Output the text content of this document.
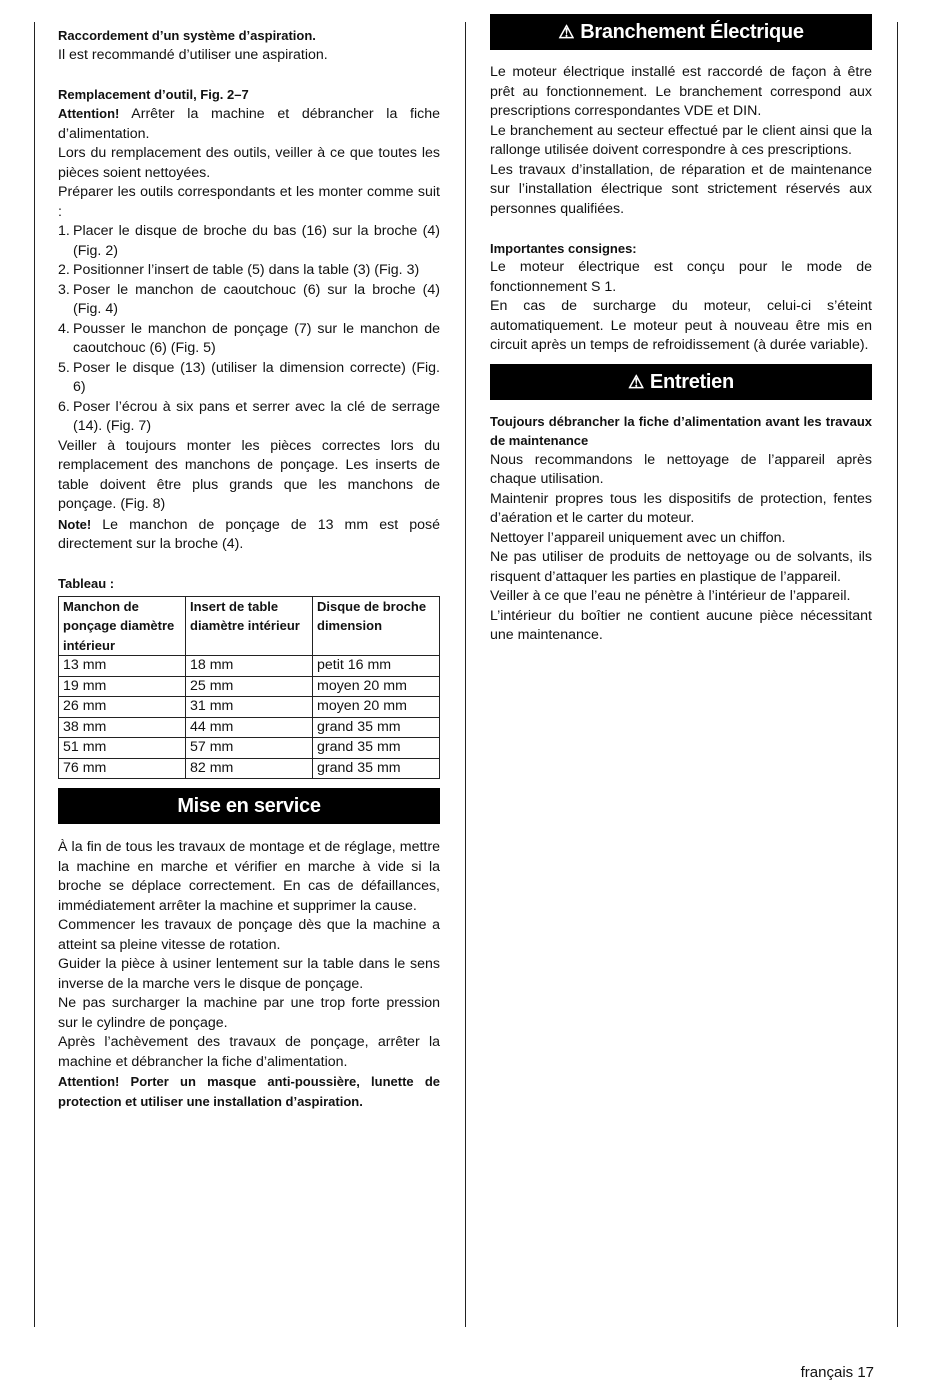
Raccordement d’un système d’aspiration.

Il est recommandé d’utiliser une aspiration.

Remplacement d’outil, Fig. 2–7

Attention! Arrêter la machine et débrancher la fiche d’alimentation.

Lors du remplacement des outils, veiller à ce que toutes les pièces soient nettoyées.

Préparer les outils correspondants et les monter comme suit :

1. Placer le disque de broche du bas (16) sur la broche (4) (Fig. 2)
2. Positionner l’insert de table (5) dans la table (3) (Fig. 3)
3. Poser le manchon de caoutchouc (6) sur la broche (4) (Fig. 4)
4. Pousser le manchon de ponçage (7) sur le manchon de caoutchouc (6) (Fig. 5)
5. Poser le disque (13) (utiliser la dimension correcte) (Fig. 6)
6. Poser l’écrou à six pans et serrer avec la clé de serrage (14). (Fig. 7)

Veiller à toujours monter les pièces correctes lors du remplacement des manchons de ponçage. Les inserts de table doivent être plus grands que les manchons de ponçage. (Fig. 8)

Note! Le manchon de ponçage de 13 mm est posé directement sur la broche (4).

Tableau :

Manchon de ponçage diamètre intérieur	Insert de table diamètre intérieur	Disque de broche dimension
13 mm	18 mm	petit 16 mm
19 mm	25 mm	moyen 20 mm
26 mm	31 mm	moyen 20 mm
38 mm	44 mm	grand 35 mm
51 mm	57 mm	grand 35 mm
76 mm	82 mm	grand 35 mm
Mise en service

À la fin de tous les travaux de montage et de réglage, mettre la machine en marche et vérifier en marche à vide si la broche se déplace correctement. En cas de défaillances, immédiatement arrêter la machine et supprimer la cause.

Commencer les travaux de ponçage dès que la machine a atteint sa pleine vitesse de rotation.

Guider la pièce à usiner lentement sur la table dans le sens inverse de la marche vers le disque de ponçage.

Ne pas surcharger la machine par une trop forte pression sur le cylindre de ponçage.

Après l’achèvement des travaux de ponçage, arrêter la machine et débrancher la fiche d’alimentation.

Attention! Porter un masque anti-poussière, lunette de protection et utiliser une installation d’aspiration.

⚠ Branchement Électrique

Le moteur électrique installé est raccordé de façon à être prêt au fonctionnement. Le branchement correspond aux prescriptions correspondantes VDE et DIN.

Le branchement au secteur effectué par le client ainsi que la rallonge utilisée doivent correspondre à ces prescriptions.

Les travaux d’installation, de réparation et de maintenance sur l’installation électrique sont strictement réservés aux personnes qualifiées.

Importantes consignes:

Le moteur électrique est conçu pour le mode de fonctionnement S 1.

En cas de surcharge du moteur, celui-ci s’éteint automatiquement. Le moteur peut à nouveau être mis en circuit après un temps de refroidissement (à durée variable).

⚠ Entretien

Toujours débrancher la fiche d’alimentation avant les travaux de maintenance

Nous recommandons le nettoyage de l’appareil après chaque utilisation.

Maintenir propres tous les dispositifs de protection, fentes d’aération et le carter du moteur.

Nettoyer l’appareil uniquement avec un chiffon.

Ne pas utiliser de produits de nettoyage ou de solvants, ils risquent d’attaquer les parties en plastique de l’appareil.

Veiller à ce que l’eau ne pénètre à l’intérieur de l’appareil.

L’intérieur du boîtier ne contient aucune pièce nécessitant une maintenance.

français 17
